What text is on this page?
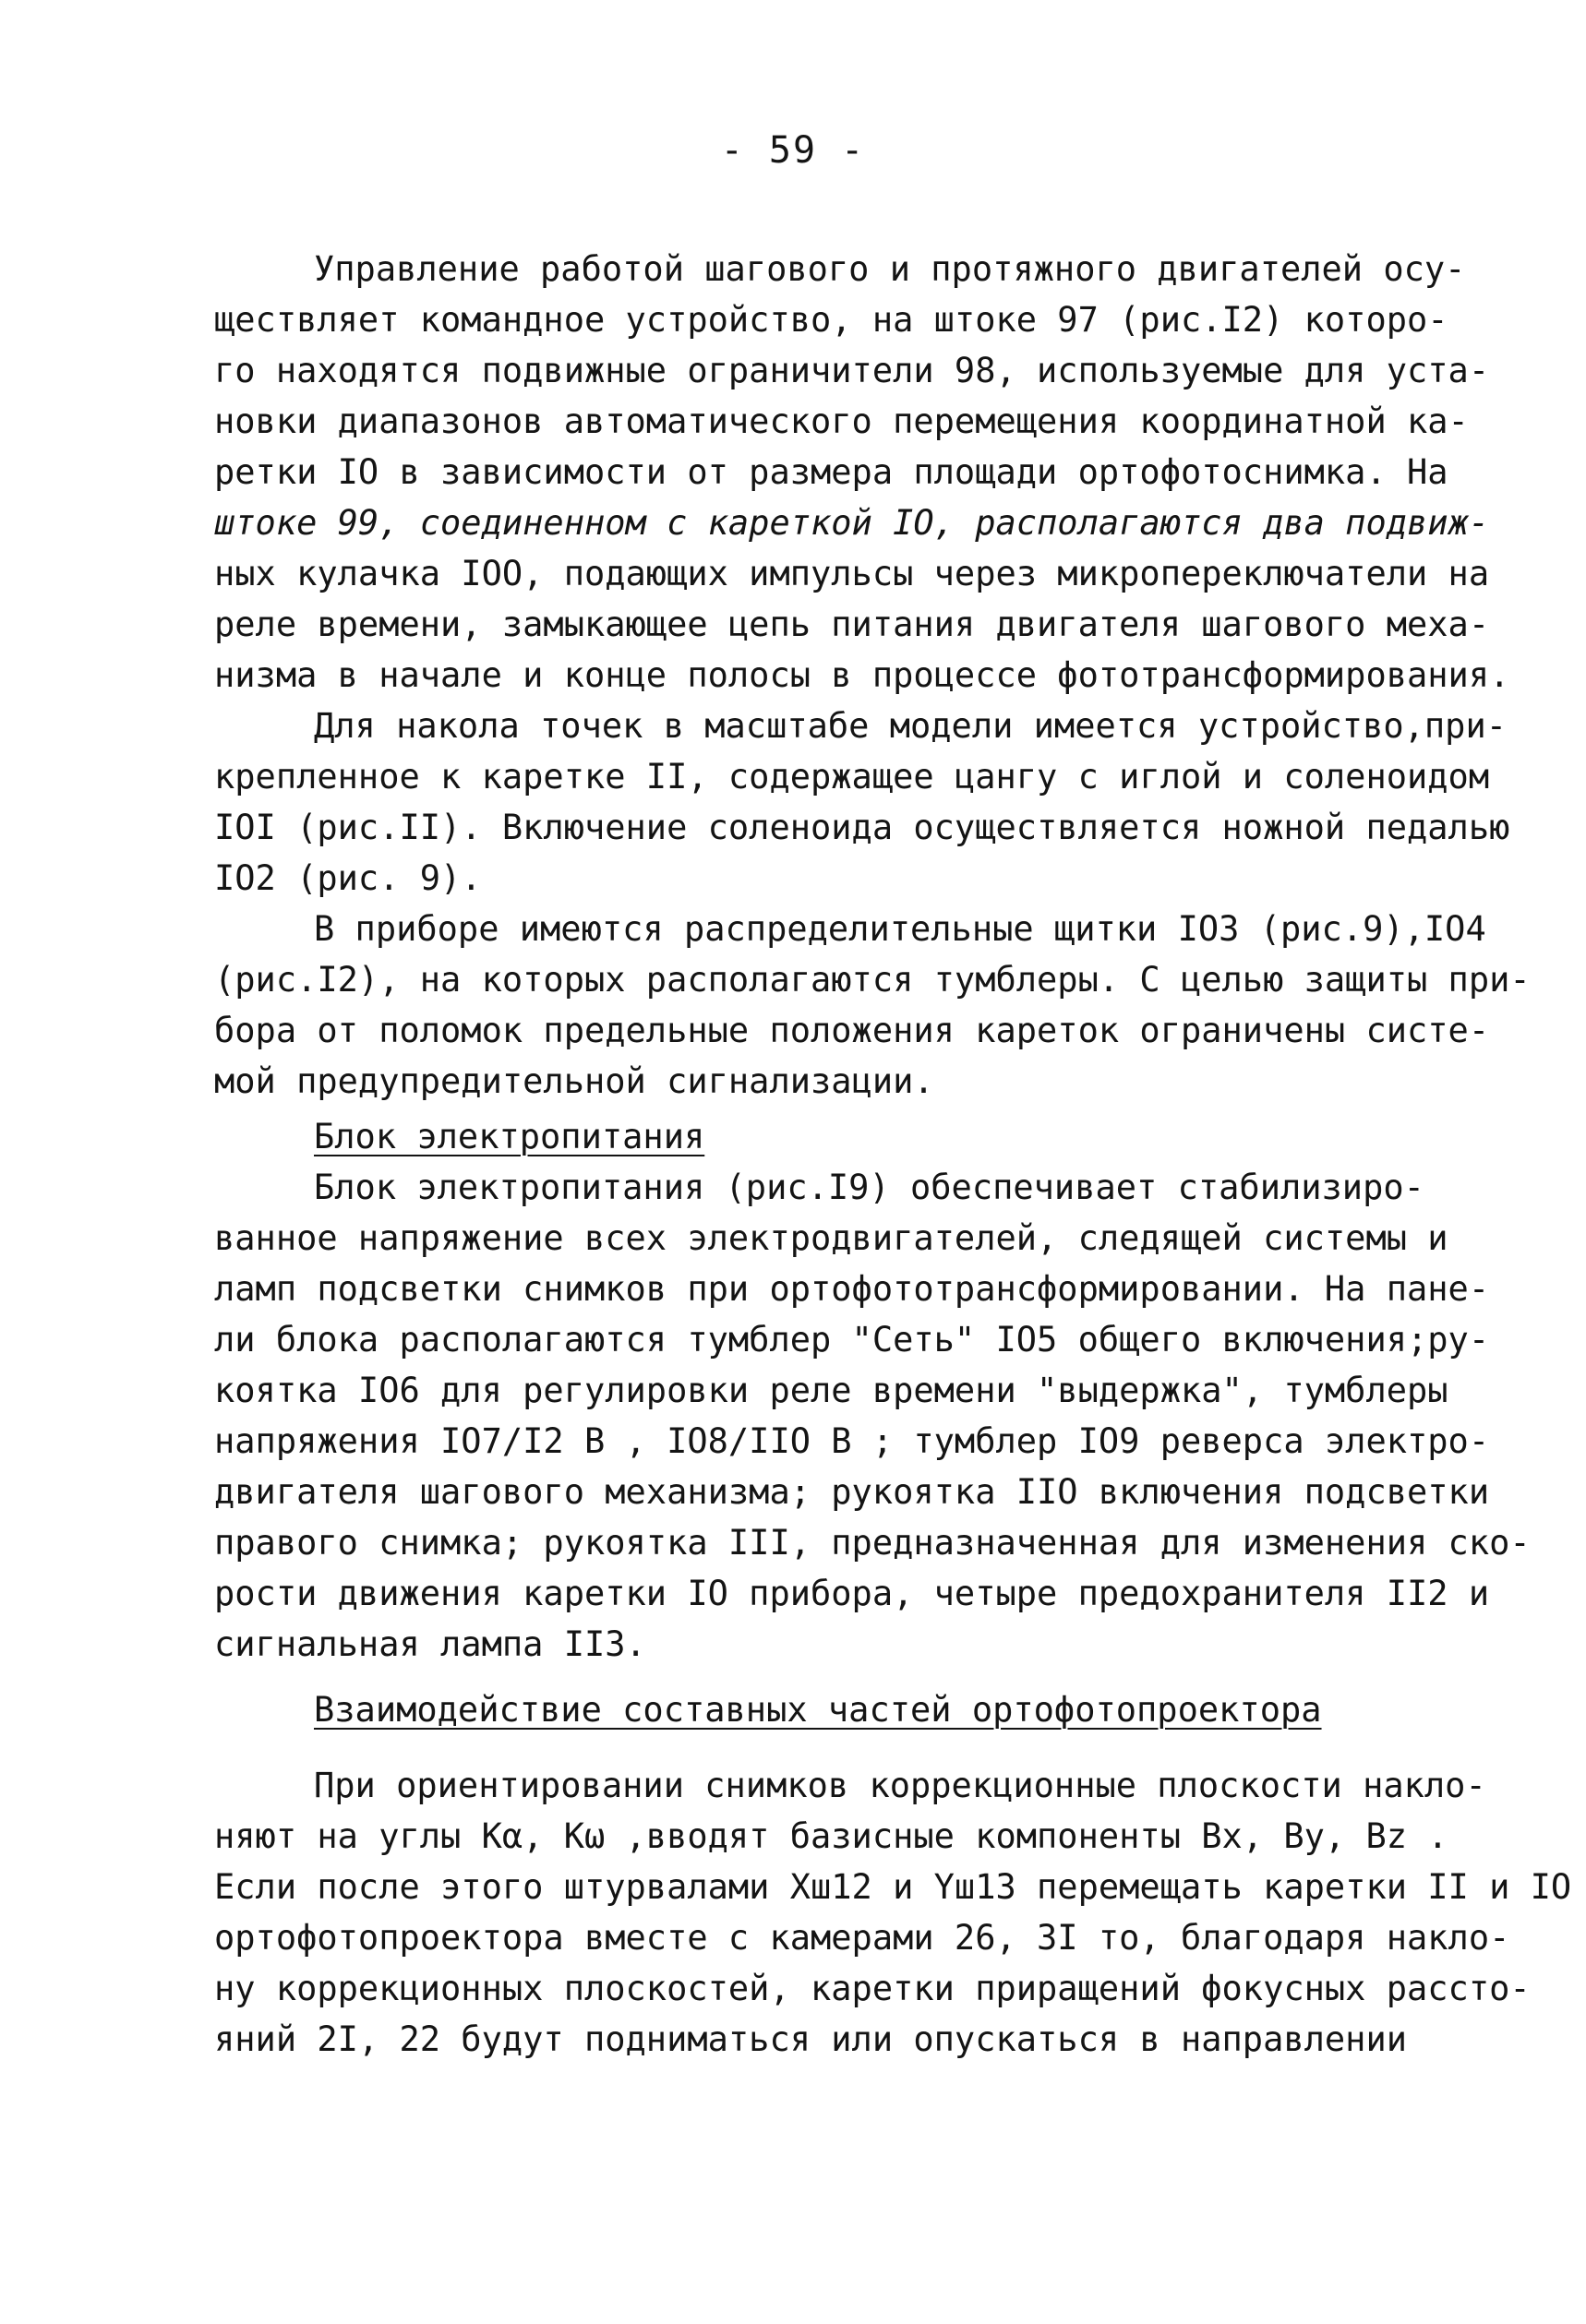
- 59 -
Управление работой шагового и протяжного двигателей осу-
ществляет командное устройство, на штоке 97 (рис.I2) которо-
го находятся подвижные ограничители 98, используемые для уста-
новки диапазонов автоматического перемещения координатной ка-
ретки IO в зависимости от размера площади ортофотоснимка. На
штоке 99, соединенном с кареткой IO, располагаются два подвиж-
ных кулачка IOO, подающих импульсы через микропереключатели на
реле времени, замыкающее цепь питания двигателя шагового меха-
низма в начале и конце полосы в процессе фототрансформирования.
Для накола точек в масштабе модели имеется устройство,при-
крепленное к каретке II, содержащее цангу с иглой и соленоидом
IOI (рис.II). Включение соленоида осуществляется ножной педалью
IO2 (рис. 9).
В приборе имеются распределительные щитки IO3 (рис.9),IO4
(рис.I2), на которых располагаются тумблеры. С целью защиты при-
бора от поломок предельные положения кареток ограничены систе-
мой предупредительной сигнализации.
Блок электропитания
Блок электропитания (рис.I9) обеспечивает стабилизиро-
ванное напряжение всех электродвигателей, следящей системы и
ламп подсветки снимков при ортофототрансформировании. На пане-
ли блока располагаются тумблер "Сеть" IO5 общего включения;ру-
коятка IO6 для регулировки реле времени "выдержка", тумблеры
напряжения IO7/I2 В , IO8/IIO В ; тумблер IO9 реверса электро-
двигателя шагового механизма; рукоятка IIO включения подсветки
правого снимка; рукоятка III, предназначенная для изменения ско-
рости движения каретки IO прибора, четыре предохранителя II2 и
сигнальная лампа II3.
Взаимодействие составных частей ортофотопроектора
При ориентировании снимков коррекционные плоскости накло-
няют на углы Kα, Kω ,вводят базисные компоненты Bx, By, Bz .
Если после этого штурвалами Xш12 и Yш13 перемещать каретки II и IO
ортофотопроектора вместе с камерами 26, 3I то, благодаря накло-
ну коррекционных плоскостей, каретки приращений фокусных рассто-
яний 2I, 22 будут подниматься или опускаться в направлении
